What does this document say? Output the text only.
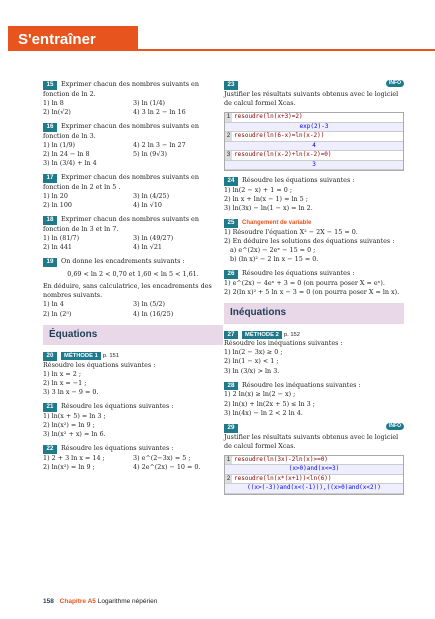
S'entraîner
15 Exprimer chacun des nombres suivants en fonction de ln 2.
1) ln 8	3) ln (1/4)
2) ln(√2)	4) 3 ln 2 − ln 16
16 Exprimer chacun des nombres suivants en fonction de ln 3.
1) ln (1/9)	4) 2 ln 3 − ln 27
2) ln 24 − ln 8	5) ln (9√3)
3) ln (3/4) + ln 4
17 Exprimer chacun des nombres suivants en fonction de ln 2 et ln 5 .
1) ln 20	3) ln (4/25)
2) ln 100	4) ln √10
18 Exprimer chacun des nombres suivants en fonction de ln 3 et ln 7.
1) ln (81/7)	3) ln (49/27)
2) ln 441	4) ln √21
19 On donne les encadrements suivants :
0,69 < ln 2 < 0,70 et 1,60 < ln 5 < 1,61.
En déduire, sans calculatrice, les encadrements des nombres suivants.
1) ln 4	3) ln (5/2)
2) ln (2⁵)	4) ln (16/25)
Équations
20 MÉTHODE 1 p. 151
Résoudre les équations suivantes :
1) ln x = 2 ;
2) ln x = −1 ;
3) 3 ln x − 9 = 0.
21 Résoudre les équations suivantes :
1) ln(x + 5) = ln 3 ;
2) ln(x²) = ln 9 ;
3) ln(x² + x) = ln 6.
22 Résoudre les équations suivantes :
1) 2 + 3 ln x = 14 ;	3) e^(2−3x) = 5 ;
2) ln(x²) = ln 9 ;	4) 2e^(2x) − 10 = 0.
23	INFO
Justifier les résultats suivants obtenus avec le logiciel de calcul formel Xcas.
1 resoudre(ln(x+3)=2)
exp(2)-3
2 resoudre(ln(6-x)=ln(x-2))
4
3 resoudre(ln(x-2)+ln(x-2)=0)
3
24 Résoudre les équations suivantes :
1) ln(2 − x) + 1 = 0 ;
2) ln x + ln(x − 1) = ln 5 ;
3) ln(3x) − ln(1 − x) = ln 2.
25 Changement de variable
1) Résoudre l'équation X² − 2X − 15 = 0.
2) En déduire les solutions des équations suivantes :
a) e^(2x) − 2eˣ − 15 = 0 ;
b) (ln x)² − 2 ln x − 15 = 0.
26 Résoudre les équations suivantes :
1) e^(2x) − 4eˣ + 3 = 0 (on pourra poser X = eˣ).
2) 2(ln x)² + 5 ln x − 3 = 0 (on pourra poser X = ln x).
Inéquations
27 MÉTHODE 2 p. 152
Résoudre les inéquations suivantes :
1) ln(2 − 3x) ≥ 0 ;
2) ln(1 − x) < 1 ;
3) ln (3/x) > ln 3.
28 Résoudre les inéquations suivantes :
1) 2 ln(x) ≥ ln(2 − x) ;
2) ln(x) + ln(2x + 5) ≤ ln 3 ;
3) ln(4x) − ln 2 < 2 ln 4.
29	INFO
Justifier les résultats suivants obtenus avec le logiciel de calcul formel Xcas.
1 resoudre(ln(3x)-2ln(x)>=0)
(x>0)and(x<=3)
2 resoudre(ln(x*(x+1))<ln(6))
((x>(-3))and(x<(-1))),((x>0)and(x<2))
158 Chapitre A5 Logarithme népérien
